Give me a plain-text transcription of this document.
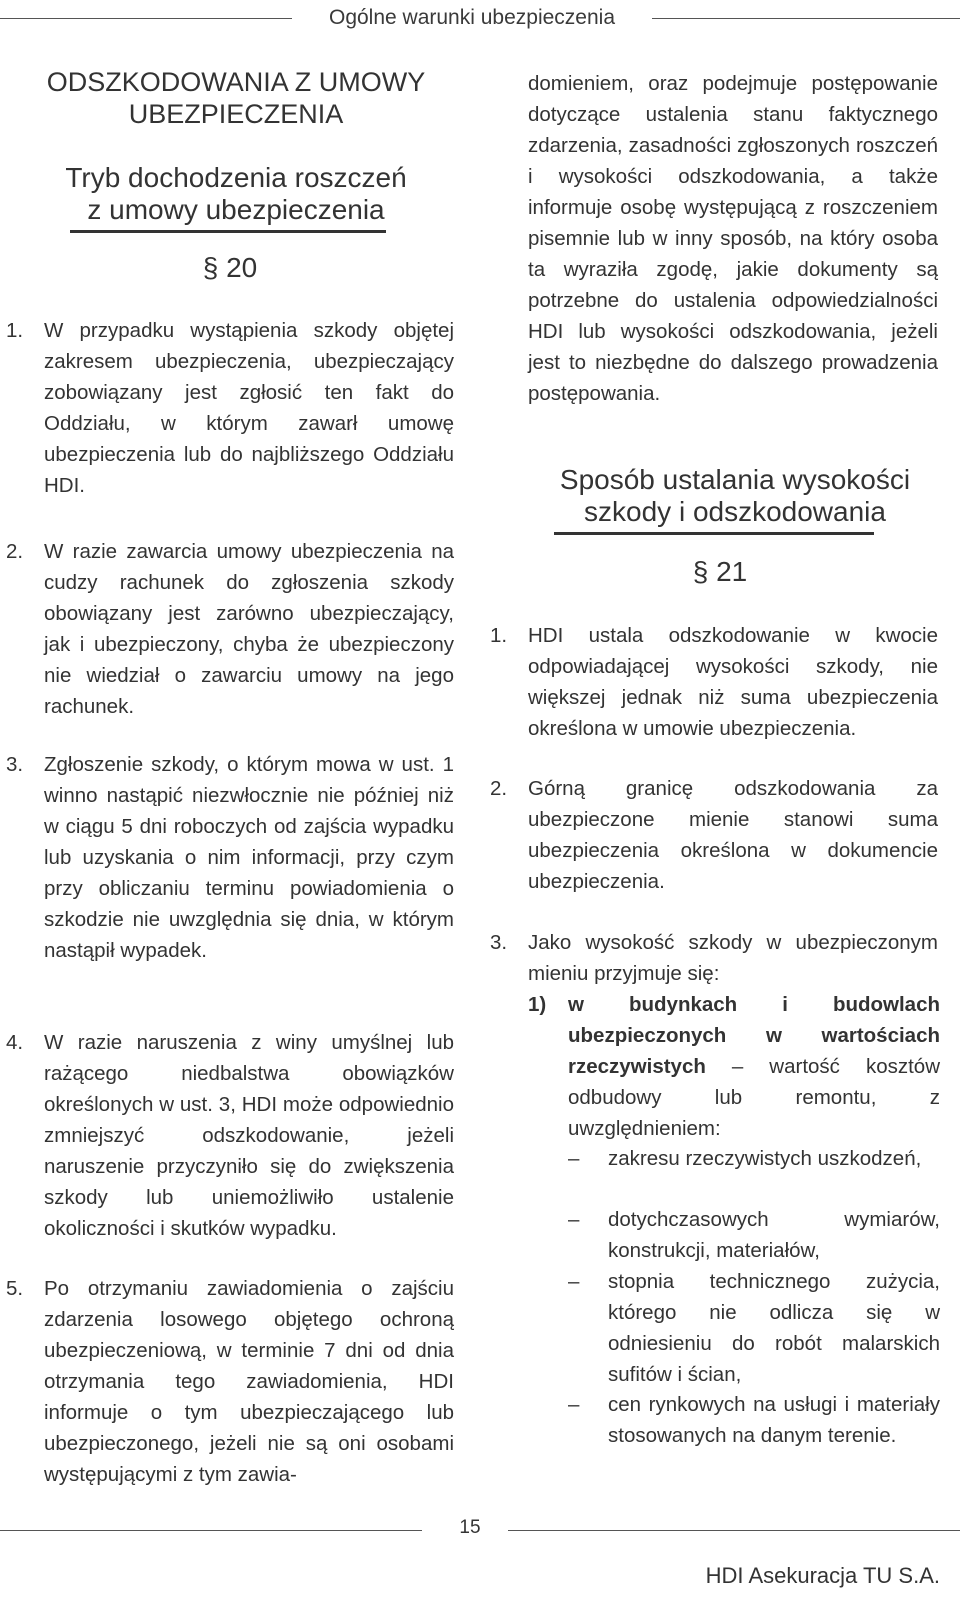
Ogólne warunki ubezpieczenia
ODSZKODOWANIA Z UMOWY
UBEZPIECZENIA
Tryb dochodzenia roszczeń
z umowy ubezpieczenia
§ 20
1. W przypadku wystąpienia szkody objętej zakresem ubezpieczenia, ubezpieczający zobowiązany jest zgłosić ten fakt do Oddziału, w którym zawarł umowę ubezpieczenia lub do najbliższego Oddziału HDI.
2. W razie zawarcia umowy ubezpieczenia na cudzy rachunek do zgłoszenia szkody obowiązany jest zarówno ubezpieczający, jak i ubezpieczony, chyba że ubezpieczony nie wiedział o zawarciu umowy na jego rachunek.
3. Zgłoszenie szkody, o którym mowa w ust. 1 winno nastąpić niezwłocznie nie później niż w ciągu 5 dni roboczych od zajścia wypadku lub uzyskania o nim informacji, przy czym przy obliczaniu terminu powiadomienia o szkodzie nie uwzględnia się dnia, w którym nastąpił wypadek.
4. W razie naruszenia z winy umyślnej lub rażącego niedbalstwa obowiązków określonych w ust. 3, HDI może odpowiednio zmniejszyć odszkodowanie, jeżeli naruszenie przyczyniło się do zwiększenia szkody lub uniemożliwiło ustalenie okoliczności i skutków wypadku.
5. Po otrzymaniu zawiadomienia o zajściu zdarzenia losowego objętego ochroną ubezpieczeniową, w terminie 7 dni od dnia otrzymania tego zawiadomienia, HDI informuje o tym ubezpieczającego lub ubezpieczonego, jeżeli nie są oni osobami występującymi z tym zawia-
domieniem, oraz podejmuje postępowanie dotyczące ustalenia stanu faktycznego zdarzenia, zasadności zgłoszonych roszczeń i wysokości odszkodowania, a także informuje osobę występującą z roszczeniem pisemnie lub w inny sposób, na który osoba ta wyraziła zgodę, jakie dokumenty są potrzebne do ustalenia odpowiedzialności HDI lub wysokości odszkodowania, jeżeli jest to niezbędne do dalszego prowadzenia postępowania.
Sposób ustalania wysokości
szkody i odszkodowania
§ 21
1. HDI ustala odszkodowanie w kwocie odpowiadającej wysokości szkody, nie większej jednak niż suma ubezpieczenia określona w umowie ubezpieczenia.
2. Górną granicę odszkodowania za ubezpieczone mienie stanowi suma ubezpieczenia określona w dokumencie ubezpieczenia.
3. Jako wysokość szkody w ubezpieczonym mieniu przyjmuje się:
1) w budynkach i budowlach ubezpieczonych w wartościach rzeczywistych – wartość kosztów odbudowy lub remontu, z uwzględnieniem:
– zakresu rzeczywistych uszkodzeń,
– dotychczasowych wymiarów, konstrukcji, materiałów,
– stopnia technicznego zużycia, którego nie odlicza się w odniesieniu do robót malarskich sufitów i ścian,
– cen rynkowych na usługi i materiały stosowanych na danym terenie.
15
HDI Asekuracja TU S.A.
